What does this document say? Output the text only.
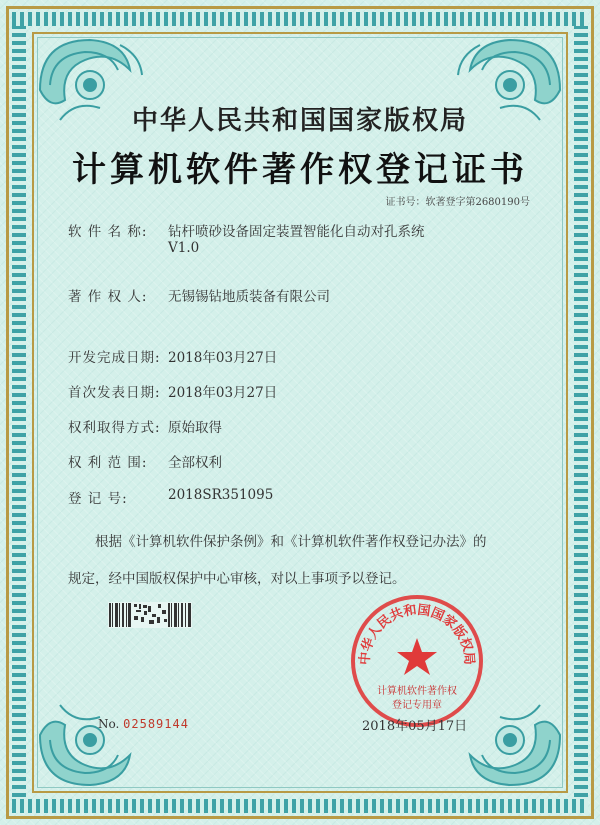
中华人民共和国国家版权局
计算机软件著作权登记证书
证书号：软著登字第2680190号
软 件 名 称: 钻杆喷砂设备固定装置智能化自动对孔系统
V1.0
著 作 权 人: 无锡锡钻地质装备有限公司
开发完成日期: 2018年03月27日
首次发表日期: 2018年03月27日
权利取得方式: 原始取得
权 利 范 围: 全部权利
登 记 号:	2018SR351095
根据《计算机软件保护条例》和《计算机软件著作权登记办法》的
规定，经中国版权保护中心审核，对以上事项予以登记。
中华人民共和国国家版权局
计算机软件著作权
登记专用章
No. 02589144	2018年05月17日
